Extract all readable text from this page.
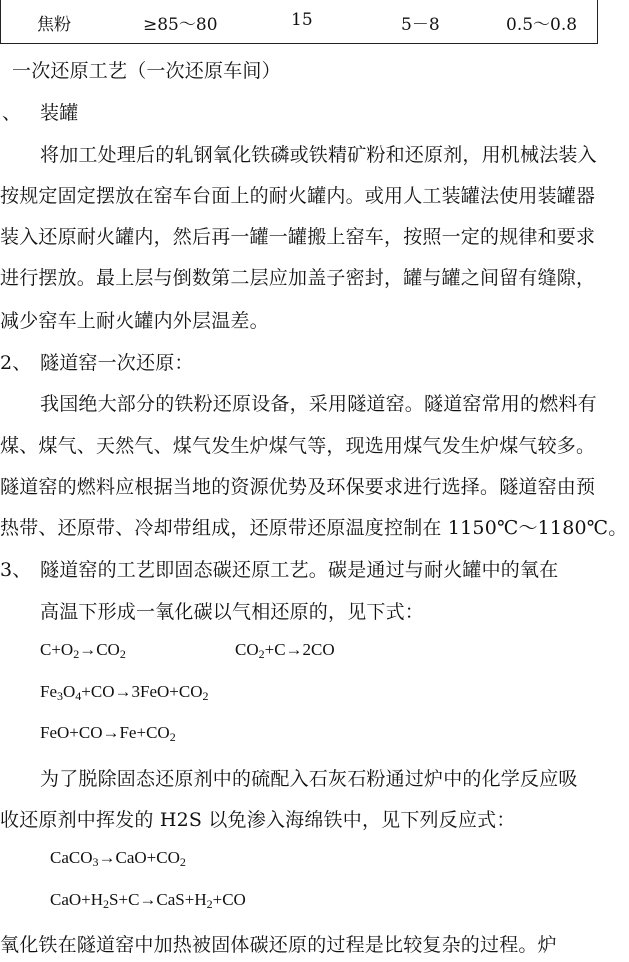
焦粉	≥85～80	15	5－8	0.5～0.8
一次还原工艺（一次还原车间）
、 装罐
将加工处理后的轧钢氧化铁磷或铁精矿粉和还原剂，用机械法装入
按规定固定摆放在窑车台面上的耐火罐内。或用人工装罐法使用装罐器
装入还原耐火罐内，然后再一罐一罐搬上窑车，按照一定的规律和要求
进行摆放。最上层与倒数第二层应加盖子密封，罐与罐之间留有缝隙，
减少窑车上耐火罐内外层温差。
2、 隧道窑一次还原：
我国绝大部分的铁粉还原设备，采用隧道窑。隧道窑常用的燃料有
煤、煤气、天然气、煤气发生炉煤气等，现选用煤气发生炉煤气较多。
隧道窑的燃料应根据当地的资源优势及环保要求进行选择。隧道窑由预
热带、还原带、冷却带组成，还原带还原温度控制在 1150℃～1180℃。
3、 隧道窑的工艺即固态碳还原工艺。碳是通过与耐火罐中的氧在
高温下形成一氧化碳以气相还原的，见下式：
$C+O_2\to CO_2$	$CO_2+C\to 2CO$
$Fe_3O_4+CO\to 3FeO+CO_2$
$FeO+CO\to Fe+CO_2$
为了脱除固态还原剂中的硫配入石灰石粉通过炉中的化学反应吸
收还原剂中挥发的 H2S 以免渗入海绵铁中，见下列反应式：
$CaCO_3\to CaO+CO_2$
$CaO+H_2S+C\to CaS+H_2+CO$
氧化铁在隧道窑中加热被固体碳还原的过程是比较复杂的过程。炉
